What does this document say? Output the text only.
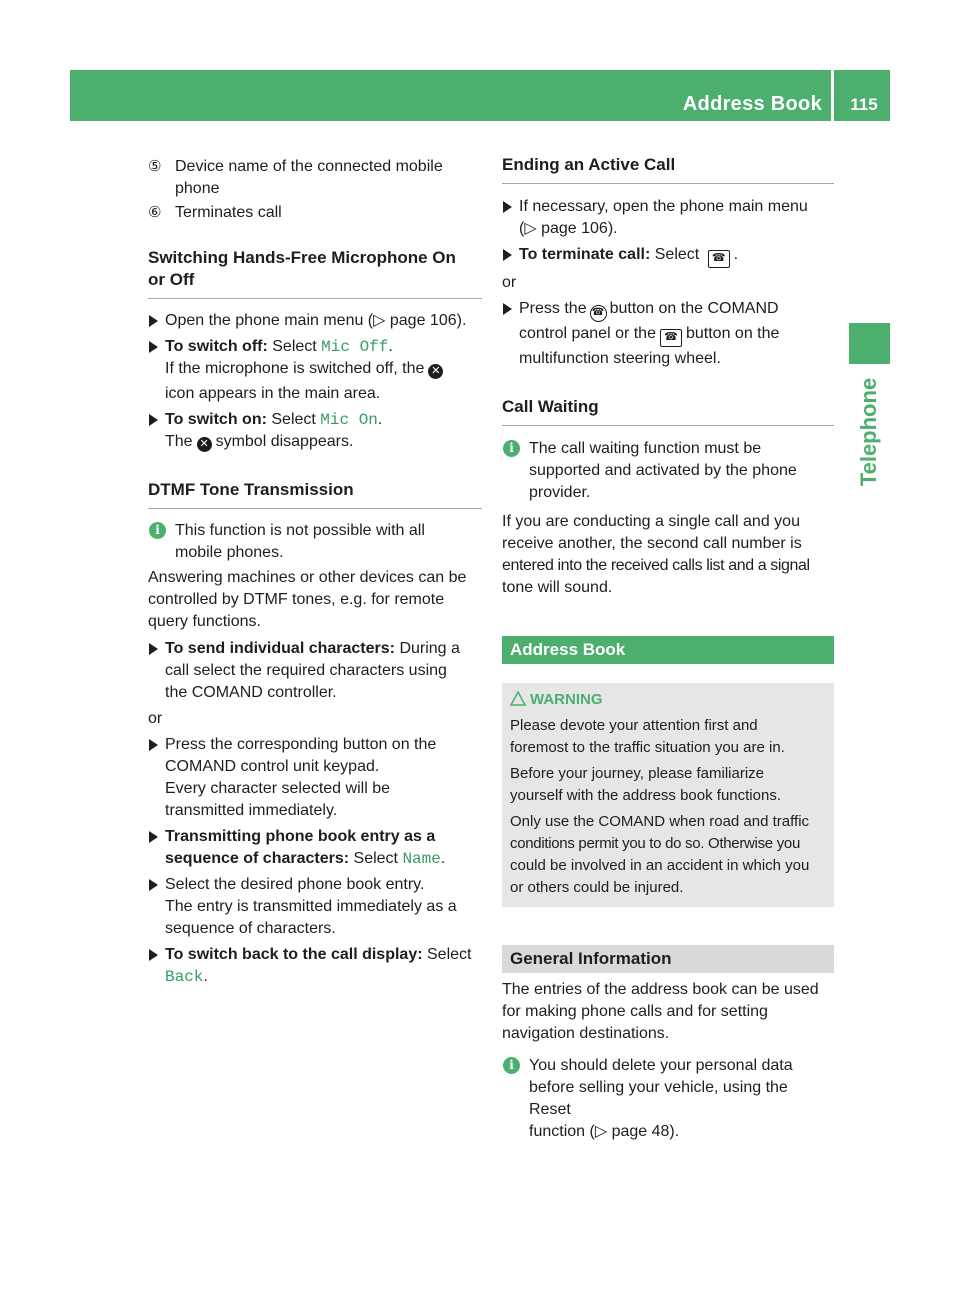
Address Book	115
Telephone
⑤ Device name of the connected mobile
phone
⑥ Terminates call
Switching Hands-Free Microphone On
or Off
Open the phone main menu (▷ page 106).
To switch off: Select Mic Off.
If the microphone is switched off, the ✕
icon appears in the main area.
To switch on: Select Mic On.
The ✕ symbol disappears.
DTMF Tone Transmission
i This function is not possible with all
mobile phones.
Answering machines or other devices can be
controlled by DTMF tones, e.g. for remote
query functions.
To send individual characters: During a
call select the required characters using
the COMAND controller.
or
Press the corresponding button on the
COMAND control unit keypad.
Every character selected will be
transmitted immediately.
Transmitting phone book entry as a
sequence of characters: Select Name.
Select the desired phone book entry.
The entry is transmitted immediately as a
sequence of characters.
To switch back to the call display: Select
Back.
Ending an Active Call
If necessary, open the phone main menu
(▷ page 106).
To terminate call: Select ☎ .
or
Press the ☎ button on the COMAND
control panel or the ☎ button on the
multifunction steering wheel.
Call Waiting
i The call waiting function must be
supported and activated by the phone
provider.
If you are conducting a single call and you
receive another, the second call number is
entered into the received calls list and a signal
tone will sound.
Address Book
WARNING

Please devote your attention first and
foremost to the traffic situation you are in.

Before your journey, please familiarize
yourself with the address book functions.

Only use the COMAND when road and traffic
conditions permit you to do so. Otherwise you
could be involved in an accident in which you
or others could be injured.

General Information
The entries of the address book can be used
for making phone calls and for setting
navigation destinations.
i You should delete your personal data
before selling your vehicle, using the Reset
function (▷ page 48).
